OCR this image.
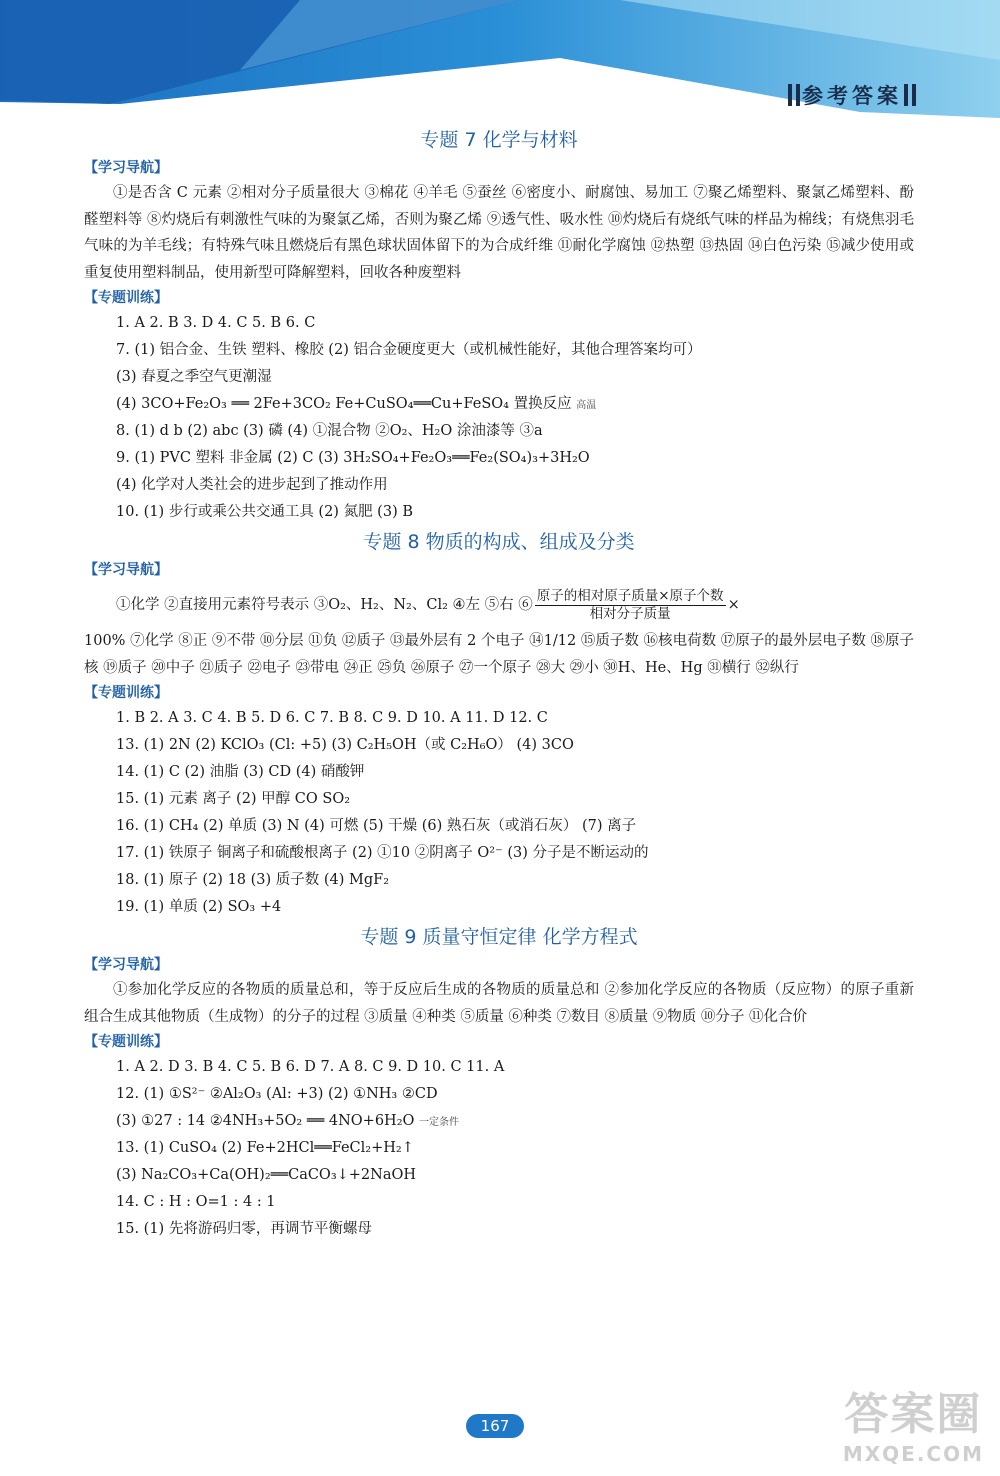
参考答案
专题 7 化学与材料
【学习导航】
①是否含 C 元素 ②相对分子质量很大 ③棉花 ④羊毛 ⑤蚕丝 ⑥密度小、耐腐蚀、易加工 ⑦聚乙烯塑料、聚氯乙烯塑料、酚醛塑料等 ⑧灼烧后有刺激性气味的为聚氯乙烯，否则为聚乙烯 ⑨透气性、吸水性 ⑩灼烧后有烧纸气味的样品为棉线；有烧焦羽毛气味的为羊毛线；有特殊气味且燃烧后有黑色球状固体留下的为合成纤维 ⑪耐化学腐蚀 ⑫热塑 ⑬热固 ⑭白色污染 ⑮减少使用或重复使用塑料制品，使用新型可降解塑料，回收各种废塑料
【专题训练】
1. A 2. B 3. D 4. C 5. B 6. C
7. (1) 铝合金、生铁 塑料、橡胶 (2) 铝合金硬度更大（或机械性能好，其他合理答案均可）
(3) 春夏之季空气更潮湿
(4) 3CO+Fe₂O₃ ══ 2Fe+3CO₂ Fe+CuSO₄══Cu+FeSO₄ 置换反应 高温
8. (1) d b (2) abc (3) 磷 (4) ①混合物 ②O₂、H₂O 涂油漆等 ③a
9. (1) PVC 塑料 非金属 (2) C (3) 3H₂SO₄+Fe₂O₃══Fe₂(SO₄)₃+3H₂O
(4) 化学对人类社会的进步起到了推动作用
10. (1) 步行或乘公共交通工具 (2) 氮肥 (3) B
专题 8 物质的构成、组成及分类
【学习导航】
①化学 ②直接用元素符号表示 ③O₂、H₂、N₂、Cl₂ ④左 ⑤右 ⑥ $\frac{\text{原子的相对原子质量×原子个数}}{\text{相对分子质量}}$ ×
100% ⑦化学 ⑧正 ⑨不带 ⑩分层 ⑪负 ⑫质子 ⑬最外层有 2 个电子 ⑭1/12 ⑮质子数 ⑯核电荷数 ⑰原子的最外层电子数 ⑱原子核 ⑲质子 ⑳中子 ㉑质子 ㉒电子 ㉓带电 ㉔正 ㉕负 ㉖原子 ㉗一个原子 ㉘大 ㉙小 ㉚H、He、Hg ㉛横行 ㉜纵行
【专题训练】
1. B 2. A 3. C 4. B 5. D 6. C 7. B 8. C 9. D 10. A 11. D 12. C
13. (1) 2N (2) KClO₃ (Cl: +5) (3) C₂H₅OH（或 C₂H₆O） (4) 3CO
14. (1) C (2) 油脂 (3) CD (4) 硝酸钾
15. (1) 元素 离子 (2) 甲醇 CO SO₂
16. (1) CH₄ (2) 单质 (3) N (4) 可燃 (5) 干燥 (6) 熟石灰（或消石灰） (7) 离子
17. (1) 铁原子 铜离子和硫酸根离子 (2) ①10 ②阴离子 O²⁻ (3) 分子是不断运动的
18. (1) 原子 (2) 18 (3) 质子数 (4) MgF₂
19. (1) 单质 (2) SO₃ +4
专题 9 质量守恒定律 化学方程式
【学习导航】
①参加化学反应的各物质的质量总和，等于反应后生成的各物质的质量总和 ②参加化学反应的各物质（反应物）的原子重新组合生成其他物质（生成物）的分子的过程 ③质量 ④种类 ⑤质量 ⑥种类 ⑦数目 ⑧质量 ⑨物质 ⑩分子 ⑪化合价
【专题训练】
1. A 2. D 3. B 4. C 5. B 6. D 7. A 8. C 9. D 10. C 11. A
12. (1) ①S²⁻ ②Al₂O₃ (Al: +3) (2) ①NH₃ ②CD
(3) ①27 : 14 ②4NH₃+5O₂ ══ 4NO+6H₂O 一定条件
13. (1) CuSO₄ (2) Fe+2HCl══FeCl₂+H₂↑
(3) Na₂CO₃+Ca(OH)₂══CaCO₃↓+2NaOH
14. C : H : O=1 : 4 : 1
15. (1) 先将游码归零，再调节平衡螺母
167	答案圈
MXQE.COM
